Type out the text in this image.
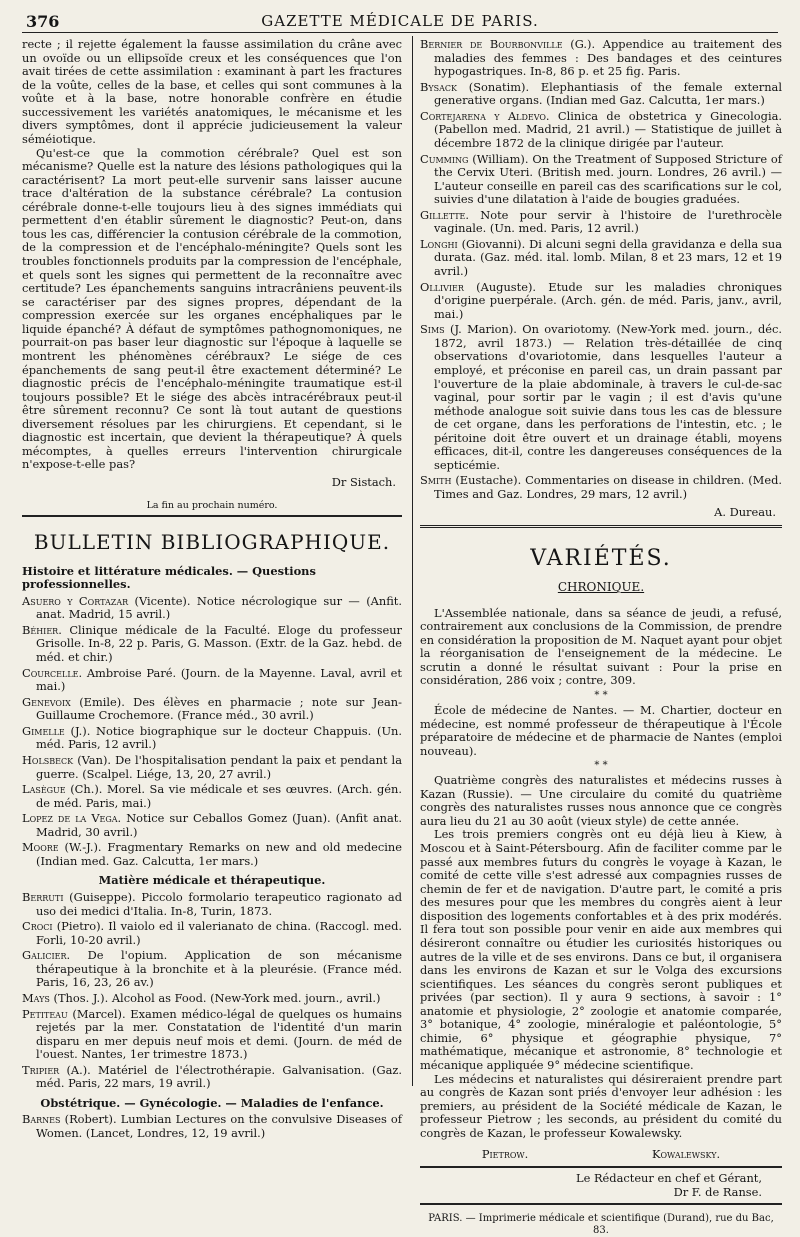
376	GAZETTE MÉDICALE DE PARIS.

recte ; il rejette également la fausse assimilation du crâne avec un ovoïde ou un ellipsoïde creux et les conséquences que l'on avait tirées de cette assimilation : examinant à part les fractures de la voûte, celles de la base, et celles qui sont communes à la voûte et à la base, notre honorable confrère en étudie successivement les variétés anatomiques, le mécanisme et les divers symptômes, dont il apprécie judicieusement la valeur séméiotique.

Qu'est-ce que la commotion cérébrale? Quel est son mécanisme? Quelle est la nature des lésions pathologiques qui la caractérisent? La mort peut-elle survenir sans laisser aucune trace d'altération de la substance cérébrale? La contusion cérébrale donne-t-elle toujours lieu à des signes immédiats qui permettent d'en établir sûrement le diagnostic? Peut-on, dans tous les cas, différencier la contusion cérébrale de la commotion, de la compression et de l'encéphalo-méningite? Quels sont les troubles fonctionnels produits par la compression de l'encéphale, et quels sont les signes qui permettent de la reconnaître avec certitude? Les épanchements sanguins intracrâniens peuvent-ils se caractériser par des signes propres, dépendant de la compression exercée sur les organes encéphaliques par le liquide épanché? À défaut de symptômes pathognomoniques, ne pourrait-on pas baser leur diagnostic sur l'époque à laquelle se montrent les phénomènes cérébraux? Le siége de ces épanchements de sang peut-il être exactement déterminé? Le diagnostic précis de l'encéphalo-méningite traumatique est-il toujours possible? Et le siége des abcès intracérébraux peut-il être sûrement reconnu? Ce sont là tout autant de questions diversement résolues par les chirurgiens. Et cependant, si le diagnostic est incertain, que devient la thérapeutique? À quels mécomptes, à quelles erreurs l'intervention chirurgicale n'expose-t-elle pas?

Dr Sistach.
La fin au prochain numéro.
BULLETIN BIBLIOGRAPHIQUE.
Histoire et littérature médicales. — Questions professionnelles.
Asuero y Cortazar (Vicente). Notice nécrologique sur — (Anfit. anat. Madrid, 15 avril.)
Béhier. Clinique médicale de la Faculté. Eloge du professeur Grisolle. In-8, 22 p. Paris, G. Masson. (Extr. de la Gaz. hebd. de méd. et chir.)
Courcelle. Ambroise Paré. (Journ. de la Mayenne. Laval, avril et mai.)
Genevoix (Emile). Des élèves en pharmacie ; note sur Jean-Guillaume Crochemore. (France méd., 30 avril.)
Gimelle (J.). Notice biographique sur le docteur Chappuis. (Un. méd. Paris, 12 avril.)
Holsbeck (Van). De l'hospitalisation pendant la paix et pendant la guerre. (Scalpel. Liége, 13, 20, 27 avril.)
Lasègue (Ch.). Morel. Sa vie médicale et ses œuvres. (Arch. gén. de méd. Paris, mai.)
Lopez de la Vega. Notice sur Ceballos Gomez (Juan). (Anfit anat. Madrid, 30 avril.)
Moore (W.-J.). Fragmentary Remarks on new and old medecine (Indian med. Gaz. Calcutta, 1er mars.)
Matière médicale et thérapeutique.
Berruti (Guiseppe). Piccolo formolario terapeutico ragionato ad uso dei medici d'Italia. In-8, Turin, 1873.
Croci (Pietro). Il vaiolo ed il valerianato de china. (Raccogl. med. Forli, 10-20 avril.)
Galicier. De l'opium. Application de son mécanisme thérapeutique à la bronchite et à la pleurésie. (France méd. Paris, 16, 23, 26 av.)
Mays (Thos. J.). Alcohol as Food. (New-York med. journ., avril.)
Petiteau (Marcel). Examen médico-légal de quelques os humains rejetés par la mer. Constatation de l'identité d'un marin disparu en mer depuis neuf mois et demi. (Journ. de méd de l'ouest. Nantes, 1er trimestre 1873.)
Tripier (A.). Matériel de l'électrothérapie. Galvanisation. (Gaz. méd. Paris, 22 mars, 19 avril.)
Obstétrique. — Gynécologie. — Maladies de l'enfance.
Barnes (Robert). Lumbian Lectures on the convulsive Diseases of Women. (Lancet, Londres, 12, 19 avril.)
Bernier de Bourbonville (G.). Appendice au traitement des maladies des femmes : Des bandages et des ceintures hypogastriques. In-8, 86 p. et 25 fig. Paris.
Bysack (Sonatim). Elephantiasis of the female external generative organs. (Indian med Gaz. Calcutta, 1er mars.)
Cortejarena y Aldevo. Clinica de obstetrica y Ginecologia. (Pabellon med. Madrid, 21 avril.) — Statistique de juillet à décembre 1872 de la clinique dirigée par l'auteur.
Cumming (William). On the Treatment of Supposed Stricture of the Cervix Uteri. (British med. journ. Londres, 26 avril.) — L'auteur conseille en pareil cas des scarifications sur le col, suivies d'une dilatation à l'aide de bougies graduées.
Gillette. Note pour servir à l'histoire de l'urethrocèle vaginale. (Un. med. Paris, 12 avril.)
Longhi (Giovanni). Di alcuni segni della gravidanza e della sua durata. (Gaz. méd. ital. lomb. Milan, 8 et 23 mars, 12 et 19 avril.)
Ollivier (Auguste). Etude sur les maladies chroniques d'origine puerpérale. (Arch. gén. de méd. Paris, janv., avril, mai.)
Sims (J. Marion). On ovariotomy. (New-York med. journ., déc. 1872, avril 1873.) — Relation très-détaillée de cinq observations d'ovariotomie, dans lesquelles l'auteur a employé, et préconise en pareil cas, un drain passant par l'ouverture de la plaie abdominale, à travers le cul-de-sac vaginal, pour sortir par le vagin ; il est d'avis qu'une méthode analogue soit suivie dans tous les cas de blessure de cet organe, dans les perforations de l'intestin, etc. ; le péritoine doit être ouvert et un drainage établi, moyens efficaces, dit-il, contre les dangereuses conséquences de la septicémie.
Smith (Eustache). Commentaries on disease in children. (Med. Times and Gaz. Londres, 29 mars, 12 avril.)
A. Dureau.
VARIÉTÉS.
CHRONIQUE.

L'Assemblée nationale, dans sa séance de jeudi, a refusé, contrairement aux conclusions de la Commission, de prendre en considération la proposition de M. Naquet ayant pour objet la réorganisation de l'enseignement de la médecine. Le scrutin a donné le résultat suivant : Pour la prise en considération, 286 voix ; contre, 309.

* *

École de médecine de Nantes. — M. Chartier, docteur en médecine, est nommé professeur de thérapeutique à l'École préparatoire de médecine et de pharmacie de Nantes (emploi nouveau).

* *

Quatrième congrès des naturalistes et médecins russes à Kazan (Russie). — Une circulaire du comité du quatrième congrès des naturalistes russes nous annonce que ce congrès aura lieu du 21 au 30 août (vieux style) de cette année.

Les trois premiers congrès ont eu déjà lieu à Kiew, à Moscou et à Saint-Pétersbourg. Afin de faciliter comme par le passé aux membres futurs du congrès le voyage à Kazan, le comité de cette ville s'est adressé aux compagnies russes de chemin de fer et de navigation. D'autre part, le comité a pris des mesures pour que les membres du congrès aient à leur disposition des logements confortables et à des prix modérés. Il fera tout son possible pour venir en aide aux membres qui désireront connaître ou étudier les curiosités historiques ou autres de la ville et de ses environs. Dans ce but, il organisera dans les environs de Kazan et sur le Volga des excursions scientifiques. Les séances du congrès seront publiques et privées (par section). Il y aura 9 sections, à savoir : 1° anatomie et physiologie, 2° zoologie et anatomie comparée, 3° botanique, 4° zoologie, minéralogie et paléontologie, 5° chimie, 6° physique et géographie physique, 7° mathématique, mécanique et astronomie, 8° technologie et mécanique appliquée 9° médecine scientifique.

Les médecins et naturalistes qui désireraient prendre part au congrès de Kazan sont priés d'envoyer leur adhésion : les premiers, au président de la Société médicale de Kazan, le professeur Pietrow ; les seconds, au président du comité du congrès de Kazan, le professeur Kowalewsky.

Pietrow.	Kowalewsky.
Le Rédacteur en chef et Gérant,
Dr F. de Ranse.
PARIS. — Imprimerie médicale et scientifique (Durand), rue du Bac, 83.
